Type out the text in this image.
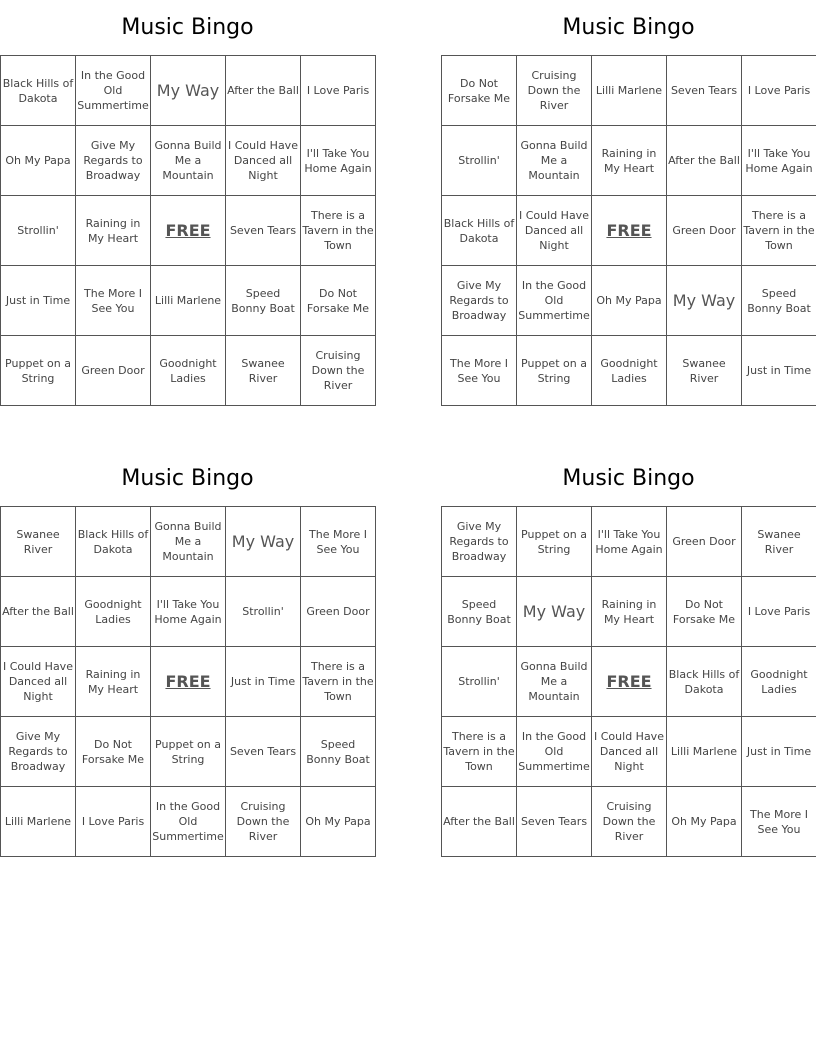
Music Bingo
Black Hills of Dakota	In the Good Old Summertime	My Way	After the Ball	I Love Paris
Oh My Papa	Give My Regards to Broadway	Gonna Build Me a Mountain	I Could Have Danced all Night	I'll Take You Home Again
Strollin'	Raining in My Heart	FREE	Seven Tears	There is a Tavern in the Town
Just in Time	The More I See You	Lilli Marlene	Speed Bonny Boat	Do Not Forsake Me
Puppet on a String	Green Door	Goodnight Ladies	Swanee River	Cruising Down the River
Music Bingo
Do Not Forsake Me	Cruising Down the River	Lilli Marlene	Seven Tears	I Love Paris
Strollin'	Gonna Build Me a Mountain	Raining in My Heart	After the Ball	I'll Take You Home Again
Black Hills of Dakota	I Could Have Danced all Night	FREE	Green Door	There is a Tavern in the Town
Give My Regards to Broadway	In the Good Old Summertime	Oh My Papa	My Way	Speed Bonny Boat
The More I See You	Puppet on a String	Goodnight Ladies	Swanee River	Just in Time
Music Bingo
Swanee River	Black Hills of Dakota	Gonna Build Me a Mountain	My Way	The More I See You
After the Ball	Goodnight Ladies	I'll Take You Home Again	Strollin'	Green Door
I Could Have Danced all Night	Raining in My Heart	FREE	Just in Time	There is a Tavern in the Town
Give My Regards to Broadway	Do Not Forsake Me	Puppet on a String	Seven Tears	Speed Bonny Boat
Lilli Marlene	I Love Paris	In the Good Old Summertime	Cruising Down the River	Oh My Papa
Music Bingo
Give My Regards to Broadway	Puppet on a String	I'll Take You Home Again	Green Door	Swanee River
Speed Bonny Boat	My Way	Raining in My Heart	Do Not Forsake Me	I Love Paris
Strollin'	Gonna Build Me a Mountain	FREE	Black Hills of Dakota	Goodnight Ladies
There is a Tavern in the Town	In the Good Old Summertime	I Could Have Danced all Night	Lilli Marlene	Just in Time
After the Ball	Seven Tears	Cruising Down the River	Oh My Papa	The More I See You
